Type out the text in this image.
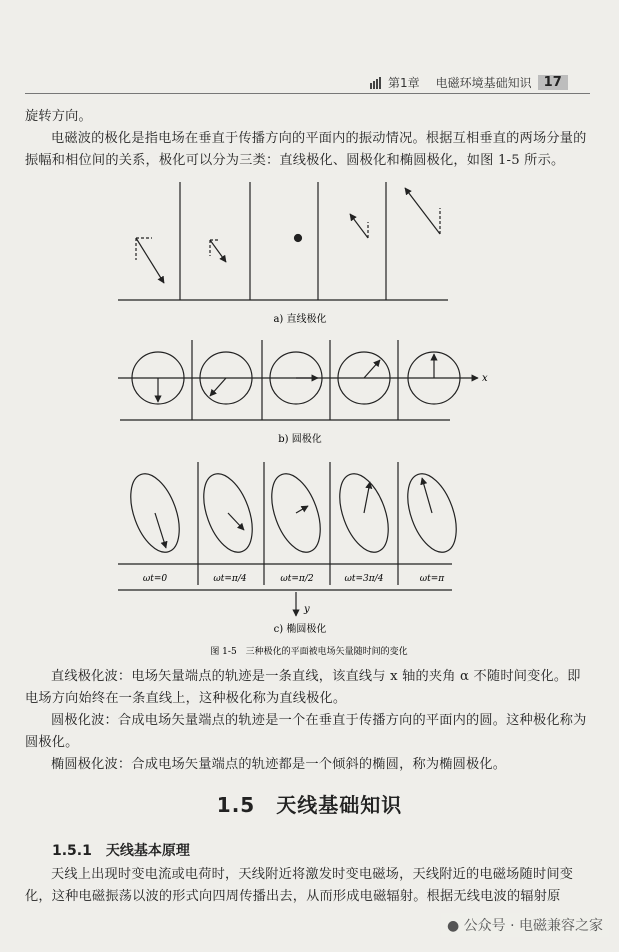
第1章 电磁环境基础知识 17
旋转方向。
电磁波的极化是指电场在垂直于传播方向的平面内的振动情况。根据互相垂直的两场分量的振幅和相位间的关系，极化可以分为三类：直线极化、圆极化和椭圆极化，如图 1-5 所示。
a) 直线极化
x
b) 圆极化
ωt=0	ωt=π/4	ωt=π/2	ωt=3π/4	ωt=π
y
c) 椭圆极化
图 1-5　三种极化的平面被电场矢量随时间的变化
直线极化波：电场矢量端点的轨迹是一条直线，该直线与 x 轴的夹角 α 不随时间变化。即电场方向始终在一条直线上，这种极化称为直线极化。
圆极化波：合成电场矢量端点的轨迹是一个在垂直于传播方向的平面内的圆。这种极化称为圆极化。
椭圆极化波：合成电场矢量端点的轨迹都是一个倾斜的椭圆，称为椭圆极化。
1.5　天线基础知识
1.5.1　天线基本原理
天线上出现时变电流或电荷时，天线附近将激发时变电磁场，天线附近的电磁场随时间变化，这种电磁振荡以波的形式向四周传播出去，从而形成电磁辐射。根据无线电波的辐射原
● 公众号 · 电磁兼容之家
